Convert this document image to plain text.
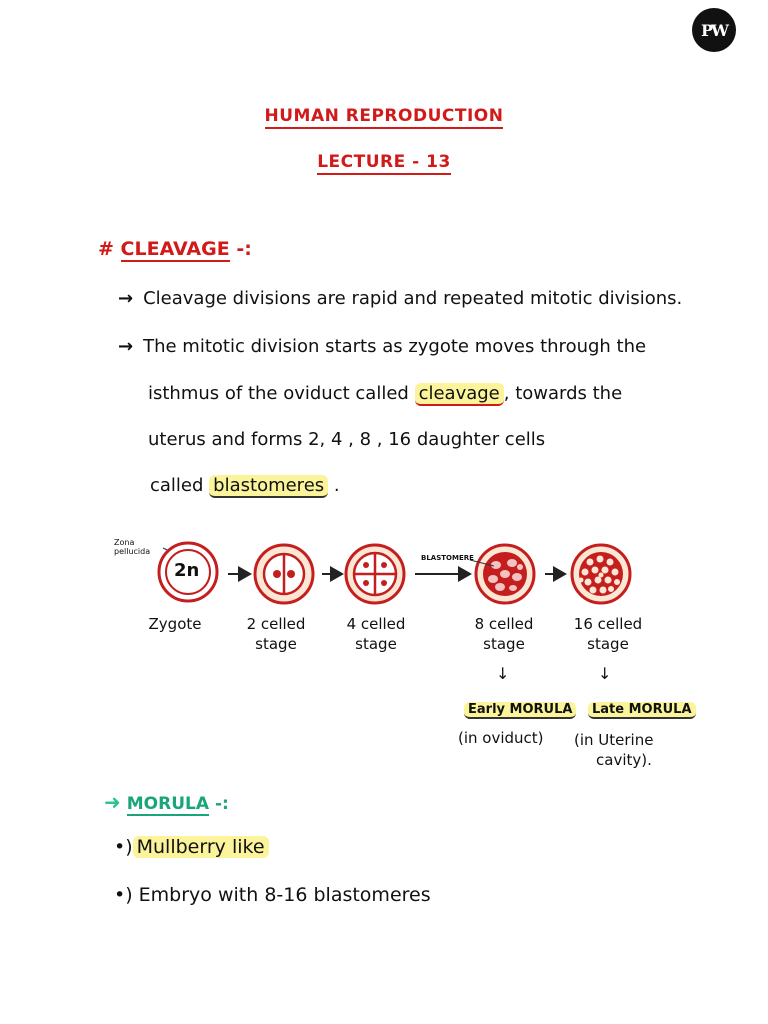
PW
HUMAN REPRODUCTION
LECTURE - 13
# CLEAVAGE -:
→ Cleavage divisions are rapid and repeated mitotic divisions.
→ The mitotic division starts as zygote moves through the
isthmus of the oviduct called cleavage , towards the
uterus and forms 2, 4 , 8 , 16 daughter cells
called blastomeres .
2n
Zona
pellucida
BLASTOMERE
Zygote	2 celled
stage
4 celled
stage
8 celled
stage
16 celled
stage
↓	↓
Early MORULA
(in oviduct)
Late MORULA
(in Uterine
cavity).
➜ MORULA -:
•) Mullberry like
•) Embryo with 8-16 blastomeres
